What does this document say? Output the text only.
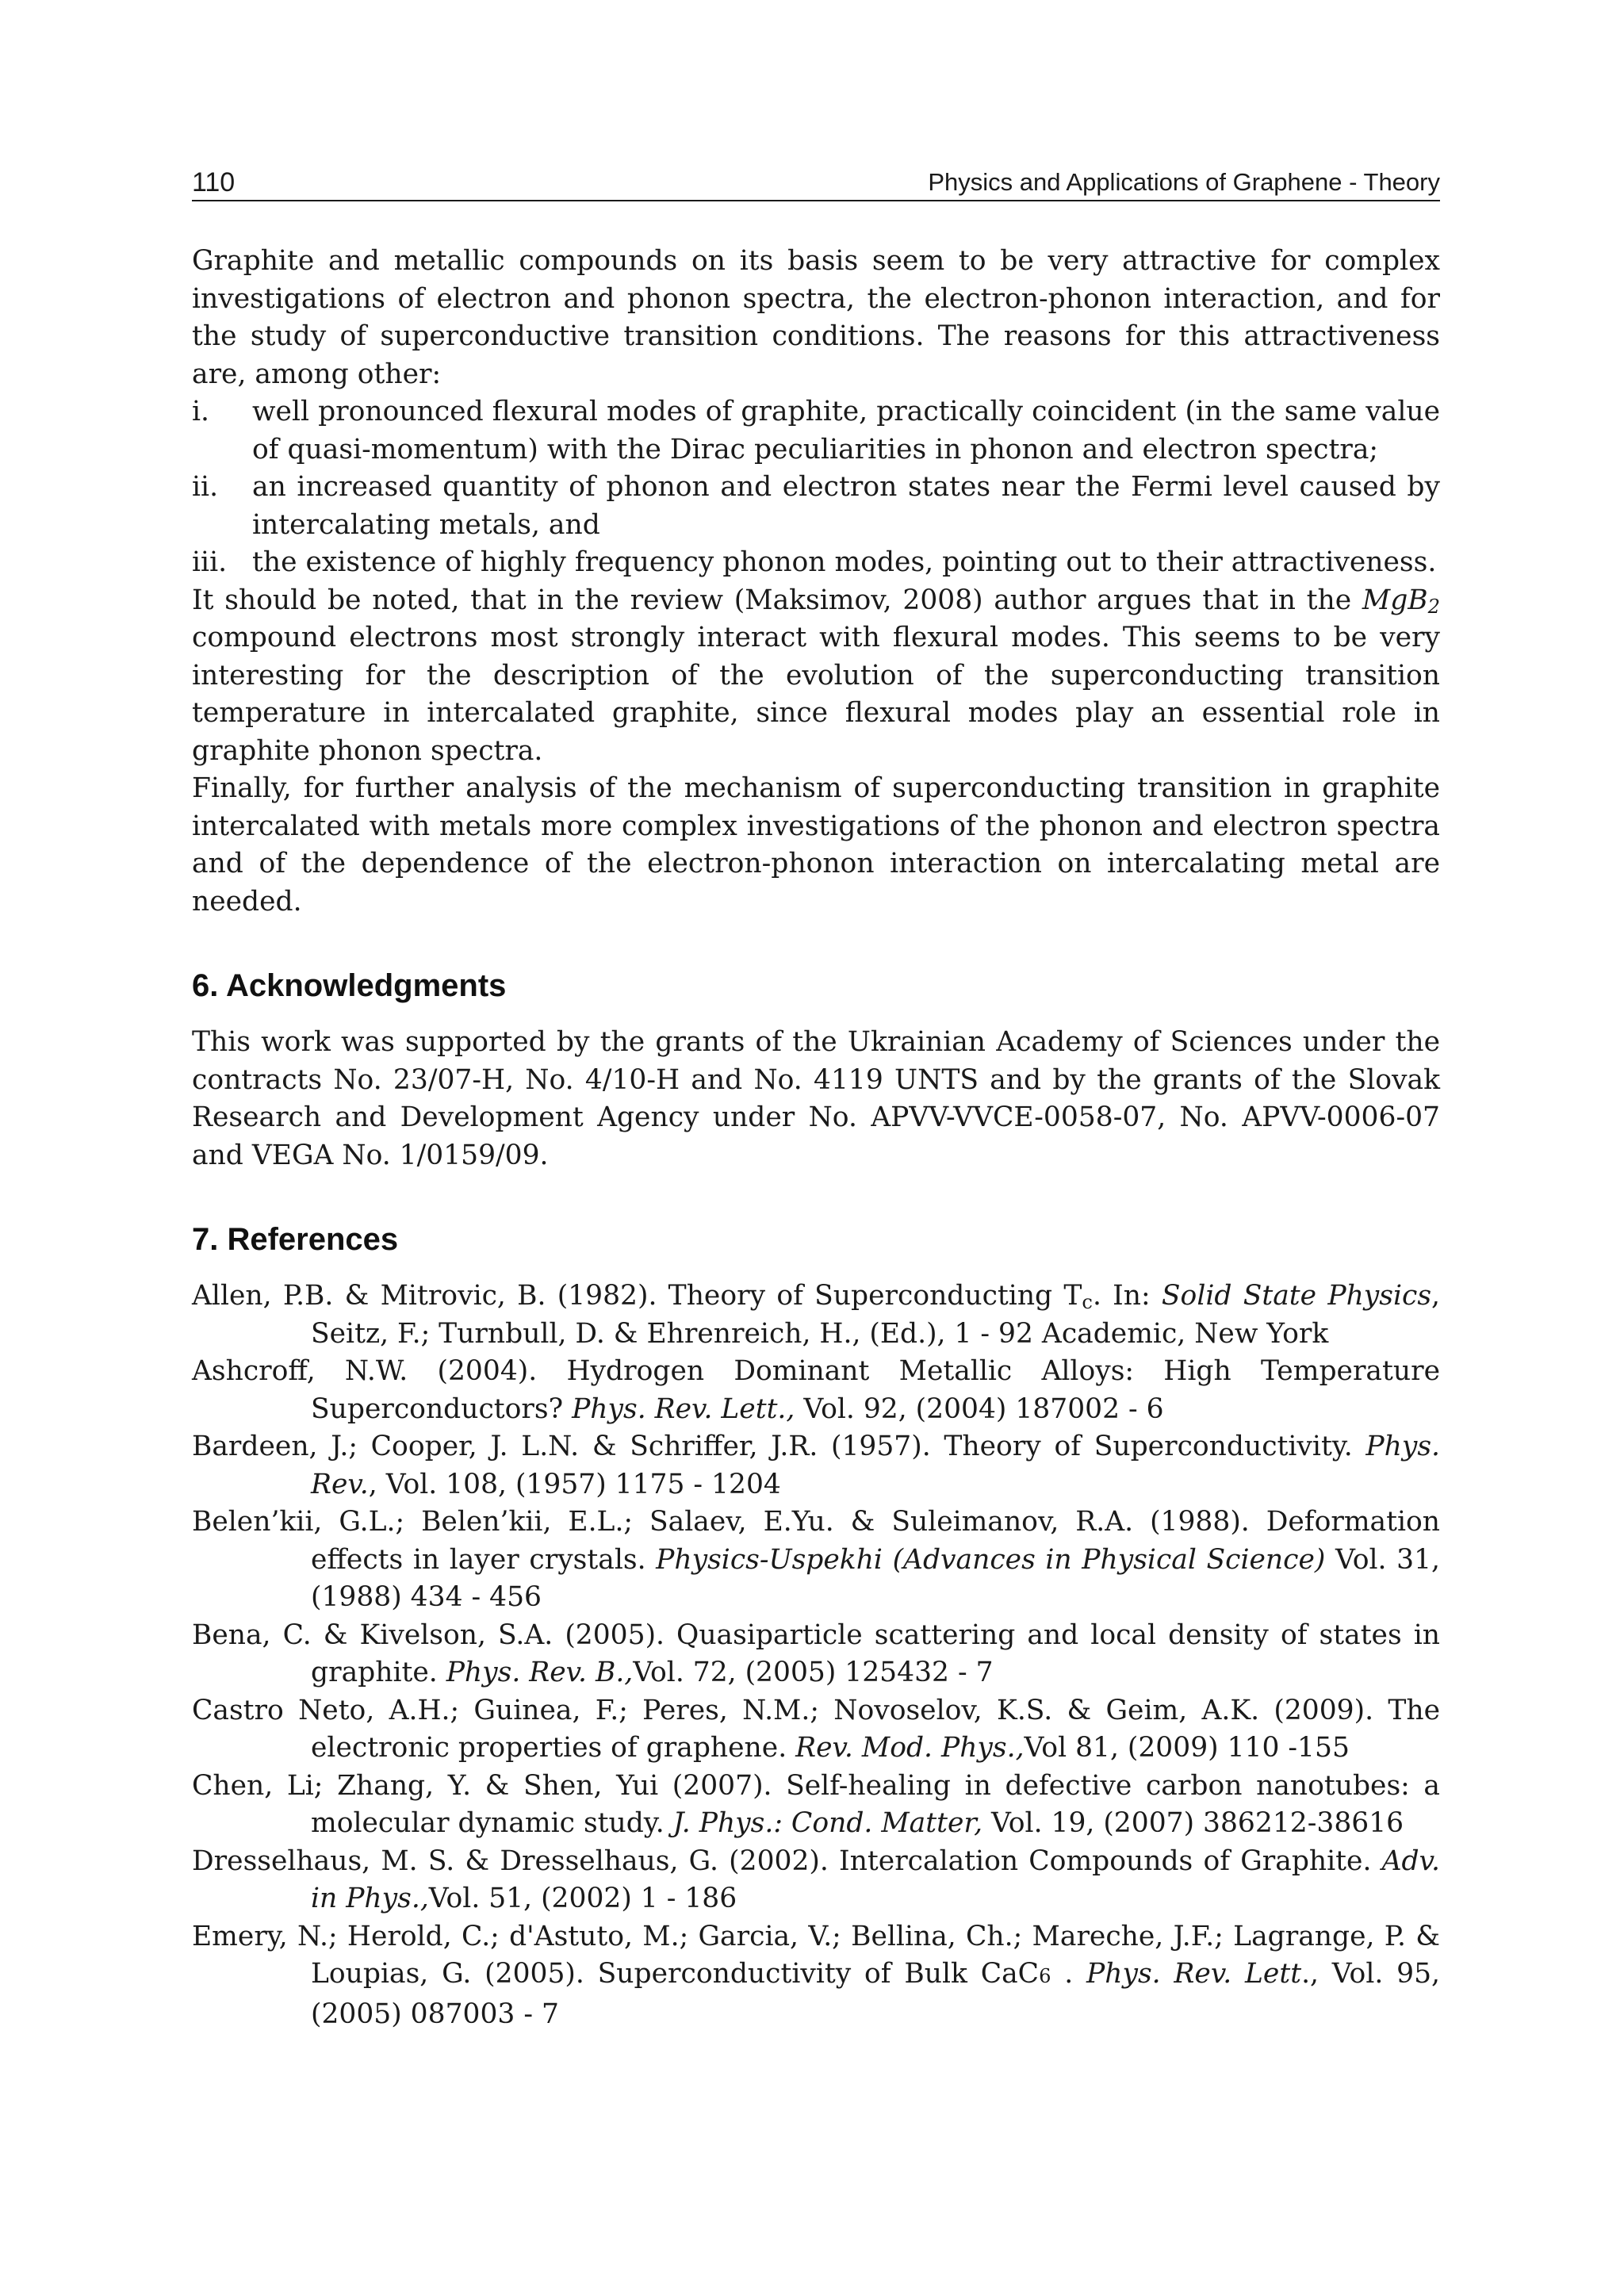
110	Physics and Applications of Graphene - Theory

Graphite and metallic compounds on its basis seem to be very attractive for complex investigations of electron and phonon spectra, the electron-phonon interaction, and for the study of superconductive transition conditions. The reasons for this attractiveness are, among other:

i. well pronounced flexural modes of graphite, practically coincident (in the same value of quasi-momentum) with the Dirac peculiarities in phonon and electron spectra;
ii. an increased quantity of phonon and electron states near the Fermi level caused by intercalating metals, and
iii. the existence of highly frequency phonon modes, pointing out to their attractiveness.

It should be noted, that in the review (Maksimov, 2008) author argues that in the MgB$_2$ compound electrons most strongly interact with flexural modes. This seems to be very interesting for the description of the evolution of the superconducting transition temperature in intercalated graphite, since flexural modes play an essential role in graphite phonon spectra.

Finally, for further analysis of the mechanism of superconducting transition in graphite intercalated with metals more complex investigations of the phonon and electron spectra and of the dependence of the electron-phonon interaction on intercalating metal are needed.

6. Acknowledgments

This work was supported by the grants of the Ukrainian Academy of Sciences under the contracts No. 23/07-H, No. 4/10-H and No. 4119 UNTS and by the grants of the Slovak Research and Development Agency under No. APVV-VVCE-0058-07, No. APVV-0006-07 and VEGA No. 1/0159/09.

7. References
Allen, P.B. & Mitrovic, B. (1982). Theory of Superconducting $T_c$. In: Solid State Physics, Seitz, F.; Turnbull, D. & Ehrenreich, H., (Ed.), 1 - 92 Academic, New York
Ashcroff, N.W. (2004). Hydrogen Dominant Metallic Alloys: High Temperature Superconductors? Phys. Rev. Lett., Vol. 92, (2004) 187002 - 6
Bardeen, J.; Cooper, J. L.N. & Schriffer, J.R. (1957). Theory of Superconductivity. Phys. Rev., Vol. 108, (1957) 1175 - 1204
Belen’kii, G.L.; Belen’kii, E.L.; Salaev, E.Yu. & Suleimanov, R.A. (1988). Deformation effects in layer crystals. Physics-Uspekhi (Advances in Physical Science) Vol. 31, (1988) 434 - 456
Bena, C. & Kivelson, S.A. (2005). Quasiparticle scattering and local density of states in graphite. Phys. Rev. B.,Vol. 72, (2005) 125432 - 7
Castro Neto, A.H.; Guinea, F.; Peres, N.M.; Novoselov, K.S. & Geim, A.K. (2009). The electronic properties of graphene. Rev. Mod. Phys.,Vol 81, (2009) 110 -155
Chen, Li; Zhang, Y. & Shen, Yui (2007). Self-healing in defective carbon nanotubes: a molecular dynamic study. J. Phys.: Cond. Matter, Vol. 19, (2007) 386212-38616
Dresselhaus, M. S. & Dresselhaus, G. (2002). Intercalation Compounds of Graphite. Adv. in Phys.,Vol. 51, (2002) 1 - 186
Emery, N.; Herold, C.; d'Astuto, M.; Garcia, V.; Bellina, Ch.; Mareche, J.F.; Lagrange, P. & Loupias, G. (2005). Superconductivity of Bulk CaC6 . Phys. Rev. Lett., Vol. 95, (2005) 087003 - 7
